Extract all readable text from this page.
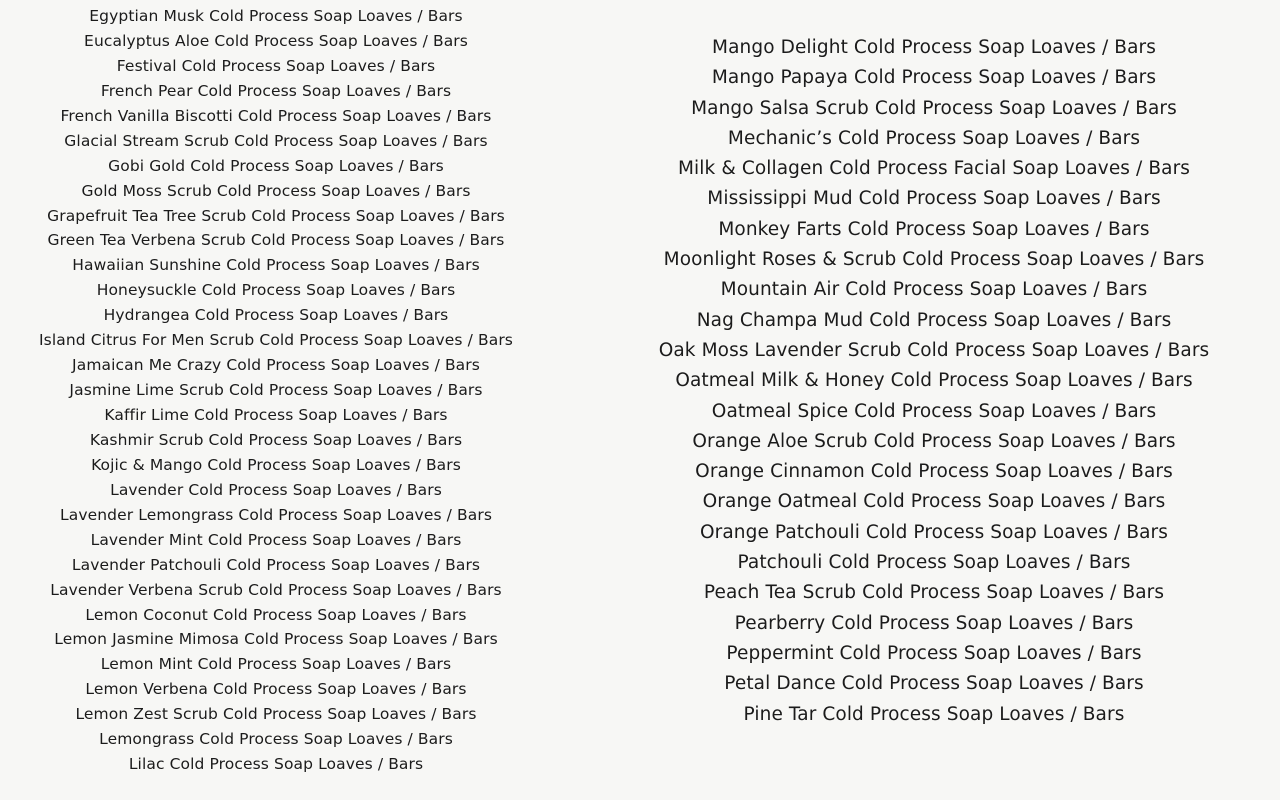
Egyptian Musk Cold Process Soap Loaves / Bars
Eucalyptus Aloe Cold Process Soap Loaves / Bars
Festival Cold Process Soap Loaves / Bars
French Pear Cold Process Soap Loaves / Bars
French Vanilla Biscotti Cold Process Soap Loaves / Bars
Glacial Stream Scrub Cold Process Soap Loaves / Bars
Gobi Gold Cold Process Soap Loaves / Bars
Gold Moss Scrub Cold Process Soap Loaves / Bars
Grapefruit Tea Tree Scrub Cold Process Soap Loaves / Bars
Green Tea Verbena Scrub Cold Process Soap Loaves / Bars
Hawaiian Sunshine Cold Process Soap Loaves / Bars
Honeysuckle Cold Process Soap Loaves / Bars
Hydrangea Cold Process Soap Loaves / Bars
Island Citrus For Men Scrub Cold Process Soap Loaves / Bars
Jamaican Me Crazy Cold Process Soap Loaves / Bars
Jasmine Lime Scrub Cold Process Soap Loaves / Bars
Kaffir Lime Cold Process Soap Loaves / Bars
Kashmir Scrub Cold Process Soap Loaves / Bars
Kojic & Mango Cold Process Soap Loaves / Bars
Lavender Cold Process Soap Loaves / Bars
Lavender Lemongrass Cold Process Soap Loaves / Bars
Lavender Mint Cold Process Soap Loaves / Bars
Lavender Patchouli Cold Process Soap Loaves / Bars
Lavender Verbena Scrub Cold Process Soap Loaves / Bars
Lemon Coconut Cold Process Soap Loaves / Bars
Lemon Jasmine Mimosa Cold Process Soap Loaves / Bars
Lemon Mint Cold Process Soap Loaves / Bars
Lemon Verbena Cold Process Soap Loaves / Bars
Lemon Zest Scrub Cold Process Soap Loaves / Bars
Lemongrass Cold Process Soap Loaves / Bars
Lilac Cold Process Soap Loaves / Bars
Mango Delight Cold Process Soap Loaves / Bars
Mango Papaya Cold Process Soap Loaves / Bars
Mango Salsa Scrub Cold Process Soap Loaves / Bars
Mechanic’s Cold Process Soap Loaves / Bars
Milk & Collagen Cold Process Facial Soap Loaves / Bars
Mississippi Mud Cold Process Soap Loaves / Bars
Monkey Farts Cold Process Soap Loaves / Bars
Moonlight Roses & Scrub Cold Process Soap Loaves / Bars
Mountain Air Cold Process Soap Loaves / Bars
Nag Champa Mud Cold Process Soap Loaves / Bars
Oak Moss Lavender Scrub Cold Process Soap Loaves / Bars
Oatmeal Milk & Honey Cold Process Soap Loaves / Bars
Oatmeal Spice Cold Process Soap Loaves / Bars
Orange Aloe Scrub Cold Process Soap Loaves / Bars
Orange Cinnamon Cold Process Soap Loaves / Bars
Orange Oatmeal Cold Process Soap Loaves / Bars
Orange Patchouli Cold Process Soap Loaves / Bars
Patchouli Cold Process Soap Loaves / Bars
Peach Tea Scrub Cold Process Soap Loaves / Bars
Pearberry Cold Process Soap Loaves / Bars
Peppermint Cold Process Soap Loaves / Bars
Petal Dance Cold Process Soap Loaves / Bars
Pine Tar Cold Process Soap Loaves / Bars
